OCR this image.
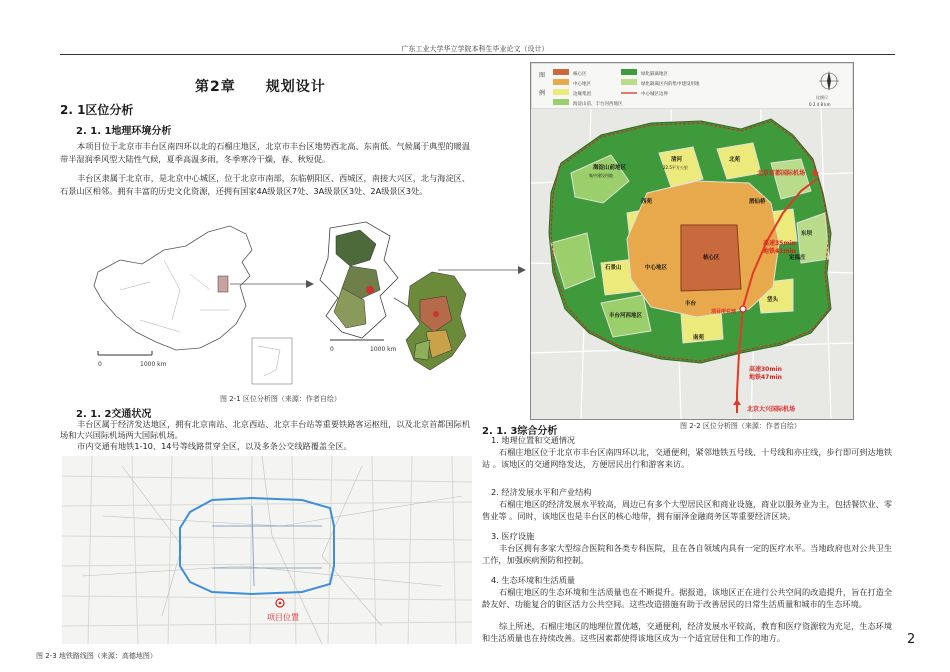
广东工业大学华立学院本科生毕业论文（设计）
第2章 规划设计
2. 1区位分析
2. 1. 1地理环境分析
本项目位于北京市丰台区南四环以北的石榴庄地区，北京市丰台区地势西北高、东南低。气候属于典型的暖温带半湿润季风型大陆性气候，夏季高温多雨，冬季寒冷干燥，春、秋短促。
丰台区隶属于北京市，是北京中心城区，位于北京市南部，东临朝阳区、西城区，南接大兴区，北与海淀区、石景山区相邻。拥有丰富的历史文化资源，还拥有国家4A级景区7处、3A级景区3处、2A级景区3处。
0	1000 km
0	1000 km
图 2-1 区位分析图（来源：作者自绘）
2. 1. 2交通状况
丰台区属于经济发达地区，拥有北京南站、北京西站、北京丰台站等重要铁路客运枢纽，以及北京首都国际机场和大兴国际机场两大国际机场。
市内交通有地铁1-10、14号等线路贯穿全区，以及多条公交线路覆盖全区。
项目位置
图 2-3 地铁路线图（来源：高德地图）
图
例
核心区
中心地区
边缘集团
海淀山前、丰台河西地区
绿化隔离地区
绿化隔离区内的集中建设用地
中心城区边界
比例尺
0 2 4 8 km
海淀山前地区
集中建设用地
清河
22.5平方公里
北苑
西苑	酒仙桥
东坝
定福庄
石景山	中心地区
核心区
垡头
丰台
丰台河西地区
南苑
北京首都国际机场
高速35min
地铁41min
项目所在地
高速30min
地铁47min
北京大兴国际机场
图 2-2 区位分析图（来源：作者自绘）
2. 1. 3综合分析
1. 地理位置和交通情况
石榴庄地区位于北京市丰台区南四环以北，交通便利，紧邻地铁五号线、十号线和亦庄线，步行即可到达地铁站 。该地区的交通网络发达，方便居民出行和游客来访。
2. 经济发展水平和产业结构
石榴庄地区的经济发展水平较高，周边已有多个大型居民区和商业设施，商业以服务业为主，包括餐饮业、零售业等 。同时，该地区也是丰台区的核心地带，拥有丽泽金融商务区等重要经济区块。
3. 医疗设施
丰台区拥有多家大型综合医院和各类专科医院，且在各自领域内具有一定的医疗水平。当地政府也对公共卫生工作，加强疾病预防和控制。
4. 生态环境和生活质量
石榴庄地区的生态环境和生活质量也在不断提升。据报道，该地区正在进行公共空间的改造提升，旨在打造全龄友好、功能复合的街区活力公共空间。这些改造措施有助于改善居民的日常生活质量和城市的生态环境。
综上所述，石榴庄地区的地理位置优越，交通便利，经济发展水平较高，教育和医疗资源较为充足，生态环境和生活质量也在持续改善。这些因素都使得该地区成为一个适宜居住和工作的地方。	2
